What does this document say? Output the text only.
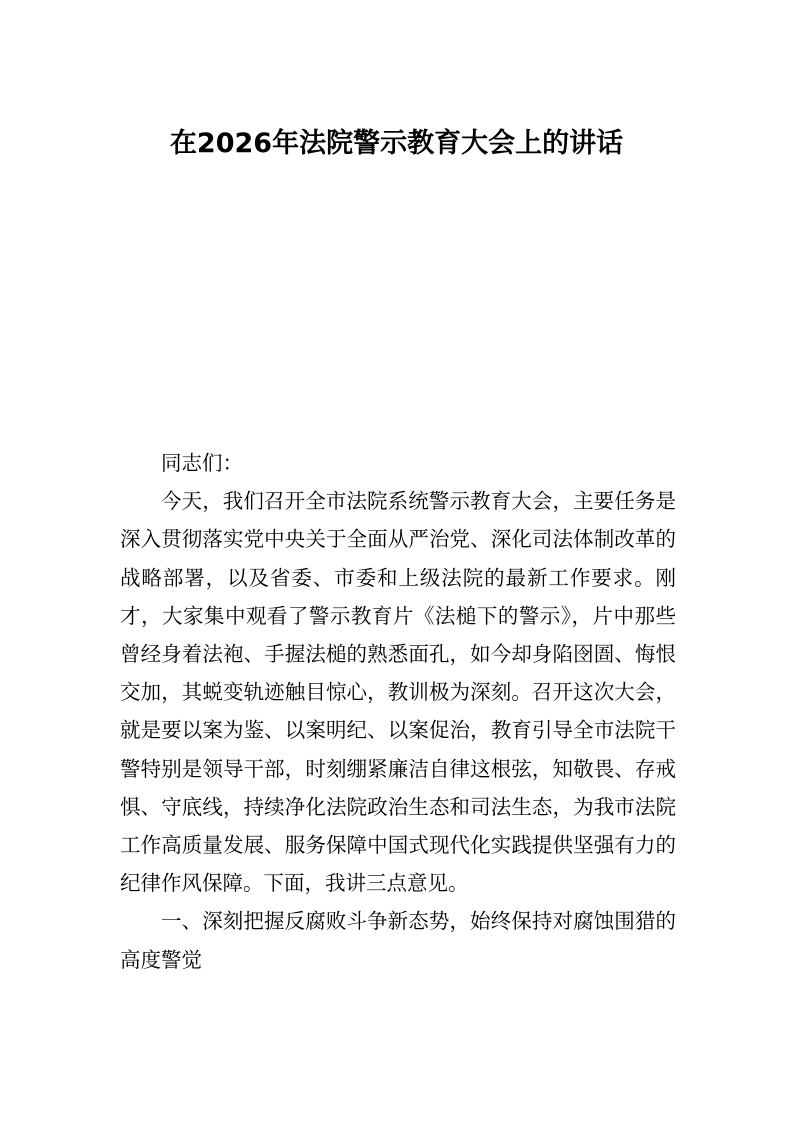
在2026年法院警示教育大会上的讲话

同志们：

今天，我们召开全市法院系统警示教育大会，主要任务是深入贯彻落实党中央关于全面从严治党、深化司法体制改革的战略部署，以及省委、市委和上级法院的最新工作要求。刚才，大家集中观看了警示教育片《法槌下的警示》，片中那些曾经身着法袍、手握法槌的熟悉面孔，如今却身陷囹圄、悔恨交加，其蜕变轨迹触目惊心，教训极为深刻。召开这次大会，就是要以案为鉴、以案明纪、以案促治，教育引导全市法院干警特别是领导干部，时刻绷紧廉洁自律这根弦，知敬畏、存戒惧、守底线，持续净化法院政治生态和司法生态，为我市法院工作高质量发展、服务保障中国式现代化实践提供坚强有力的纪律作风保障。下面，我讲三点意见。

一、深刻把握反腐败斗争新态势，始终保持对腐蚀围猎的高度警觉
